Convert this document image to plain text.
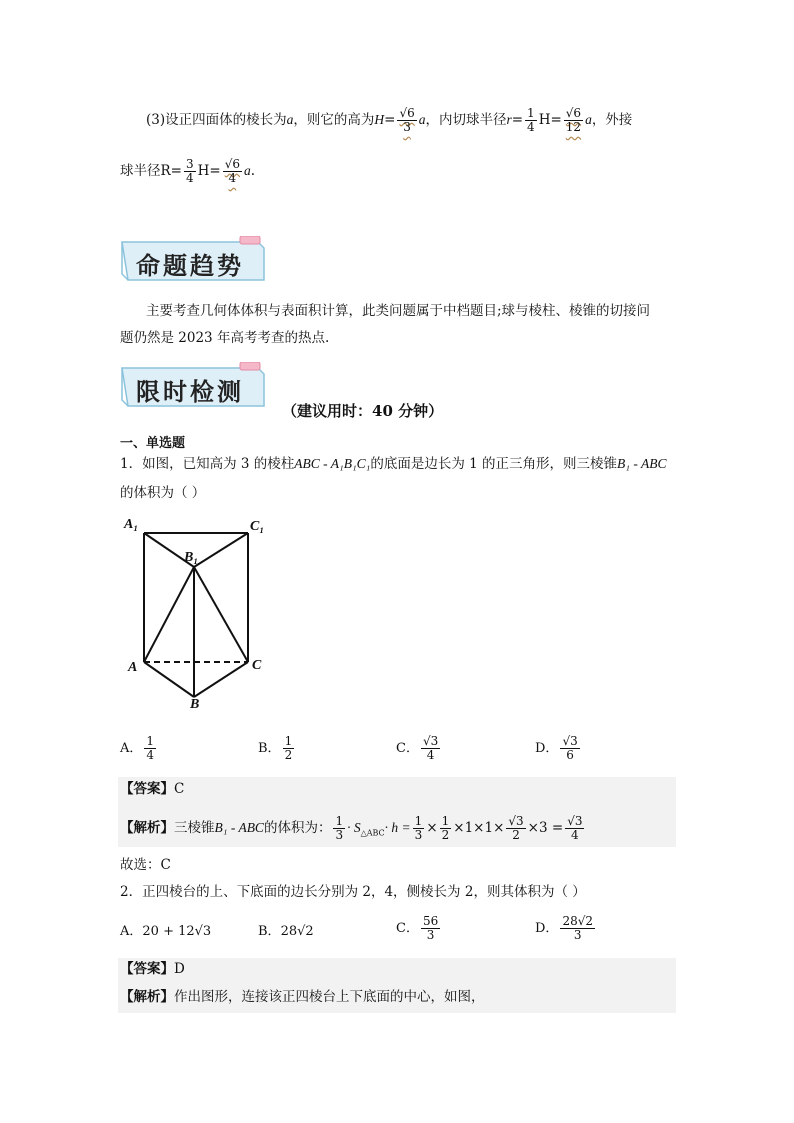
(3)设正四面体的棱长为a，则它的高为$H= \frac{√6}{3}$ a，内切球半径$r= \frac{1}{4} H= \frac{√6}{12}$ a，外接
球半径$R= \frac{3}{4} H= \frac{√6}{4} a$.
命题趋势
主要考查几何体体积与表面积计算，此类问题属于中档题目;球与棱柱、棱锥的切接问
题仍然是 2023 年高考考查的热点.
限时检测
（建议用时：40 分钟）
一、单选题
1．如图，已知高为 3 的棱柱ABC - A₁B₁C₁的底面是边长为 1 的正三角形，则三棱锥B₁ - ABC
的体积为（ ）
A₁	C₁
B₁
A	C
B
A． $\frac{1}{4}$	B． $\frac{1}{2}$	C． $\frac{√3}{4}$	D． $\frac{√3}{6}$
【答案】C
【解析】三棱锥B₁ - ABC的体积为： $\frac{1}{3} \cdot S_{\triangle ABC}\cdot h = \frac{1}{3} \times \frac{1}{2} \times 1\times 1\times \frac{√3}{2} \times 3 = \frac{√3}{4}$
故选：C
2．正四棱台的上、下底面的边长分别为 2，4，侧棱长为 2，则其体积为（ ）
A．20 + 12√3	B．28√2	C． $\frac{56}{3}$	D． $\frac{28√2}{3}$
【答案】D
【解析】作出图形，连接该正四棱台上下底面的中心，如图，
